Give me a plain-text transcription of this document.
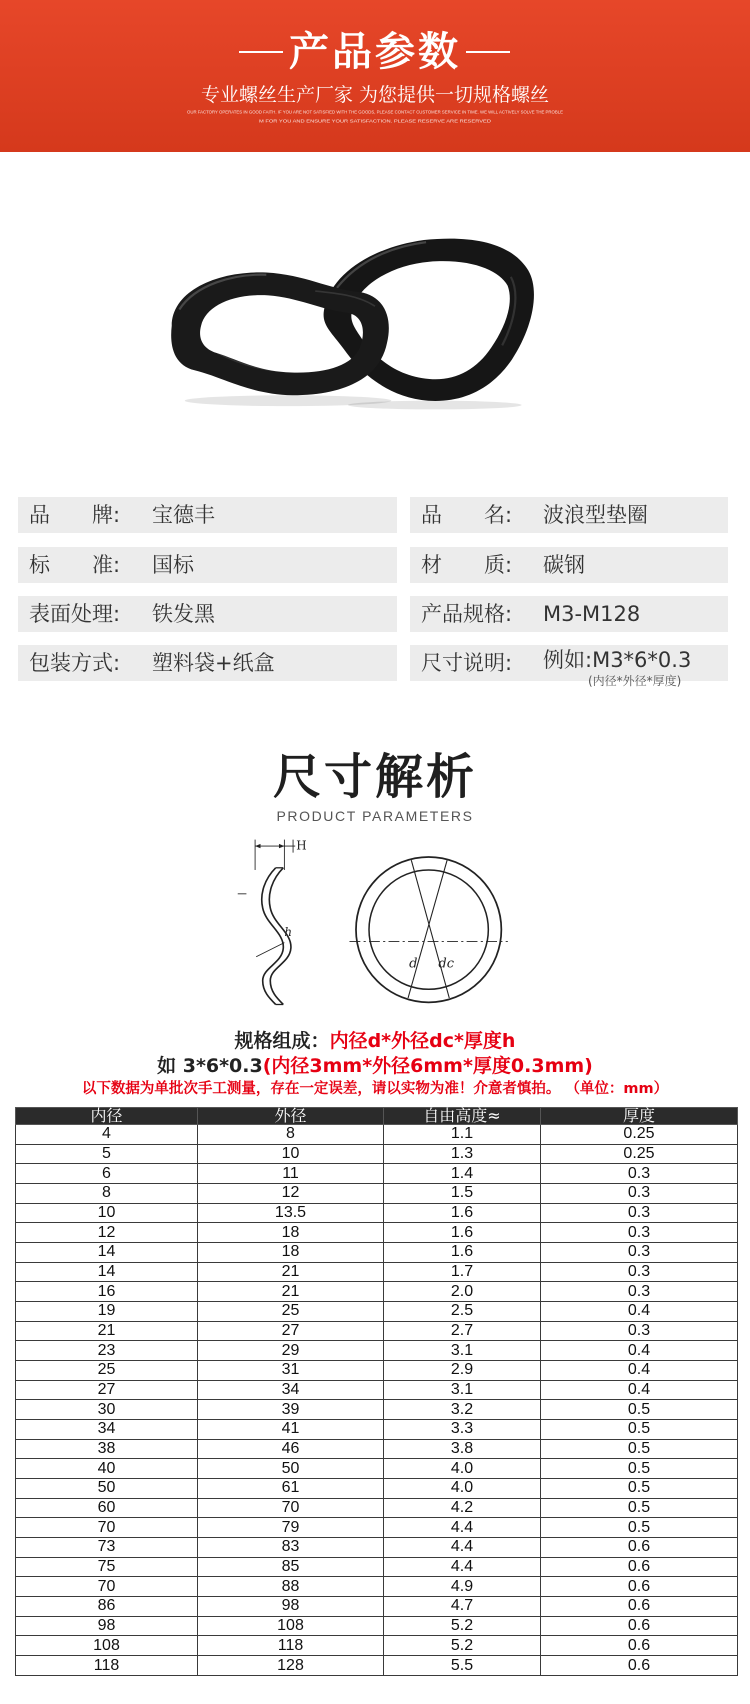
产品参数
专业螺丝生产厂家 为您提供一切规格螺丝
OUR FACTORY OPERATES IN GOOD FAITH. IF YOU ARE NOT SATISFIED WITH THE GOODS, PLEASE CONTACT CUSTOMER SERVICE IN TIME. WE WILL ACTIVELY SOLVE THE PROBLE
M FOR YOU AND ENSURE YOUR SATISFACTION. PLEASE RESERVE ARE RESERVED
品　　牌: 宝德丰	品　　名: 波浪型垫圈
标　　准: 国标	材　　质: 碳钢
表面处理: 铁发黑	产品规格: M3-M128
包装方式: 塑料袋+纸盒	尺寸说明: 例如:M3*6*0.3
(内径*外径*厚度)
尺寸解析
PRODUCT PARAMETERS
H
h
d dc
规格组成：内径d*外径dc*厚度h
如 3*6*0.3(内径3mm*外径6mm*厚度0.3mm)
以下数据为单批次手工测量，存在一定误差，请以实物为准！介意者慎拍。 （单位：mm）
内径	外径	自由高度≈	厚度
4	8	1.1	0.25
5	10	1.3	0.25
6	11	1.4	0.3
8	12	1.5	0.3
10	13.5	1.6	0.3
12	18	1.6	0.3
14	18	1.6	0.3
14	21	1.7	0.3
16	21	2.0	0.3
19	25	2.5	0.4
21	27	2.7	0.3
23	29	3.1	0.4
25	31	2.9	0.4
27	34	3.1	0.4
30	39	3.2	0.5
34	41	3.3	0.5
38	46	3.8	0.5
40	50	4.0	0.5
50	61	4.0	0.5
60	70	4.2	0.5
70	79	4.4	0.5
73	83	4.4	0.6
75	85	4.4	0.6
70	88	4.9	0.6
86	98	4.7	0.6
98	108	5.2	0.6
108	118	5.2	0.6
118	128	5.5	0.6
